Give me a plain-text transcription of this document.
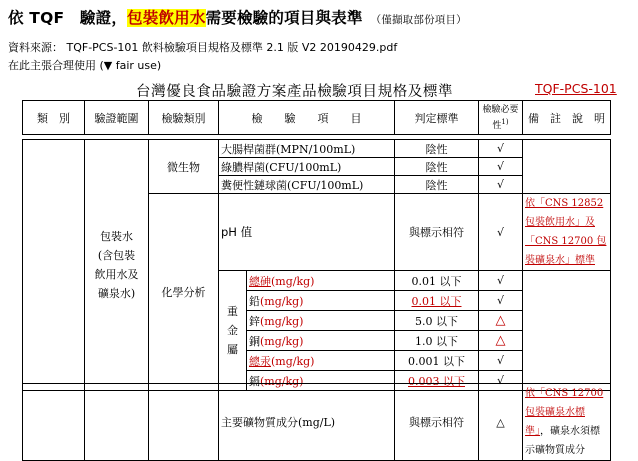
依 TQF　驗證，包裝飲用水需要檢驗的項目與表準 （僅擷取部份項目）
資料來源： TQF-PCS-101 飲料檢驗項目規格及標準 2.1 版 V2 20190429.pdf
在此主張合理使用 (▼ fair use)
台灣優良食品驗證方案產品檢驗項目規格及標準	TQF-PCS-101
類　別	驗證範圍	檢驗類別	檢　　驗　　項　　目	判定標準	檢驗必要性$^{1)}$	備　註　說　明
	包裝水(含包裝飲用水及礦泉水)	微生物	大腸桿菌群(MPN/100mL)		陰性	√	
			綠膿桿菌(CFU/100mL)		陰性	√	
			糞便性鏈球菌(CFU/100mL)		陰性	√	
		化學分析	pH 值		與標示相符	√	依「CNS 12852 包裝飲用水」及「CNS 12700 包裝礦泉水」標準
			重金屬	總砷(mg/kg)	0.01 以下	√	
				鉛(mg/kg)	0.01 以下	√	
				鋅(mg/kg)	5.0 以下	△	
				銅(mg/kg)	1.0 以下	△	
				總汞(mg/kg)	0.001 以下	√	
				鎘(mg/kg)	0.003 以下	√	
			主要礦物質成分(mg/L)	與標示相符	△	依「CNS 12700 包裝礦泉水標準」，礦泉水須標示礦物質成分
